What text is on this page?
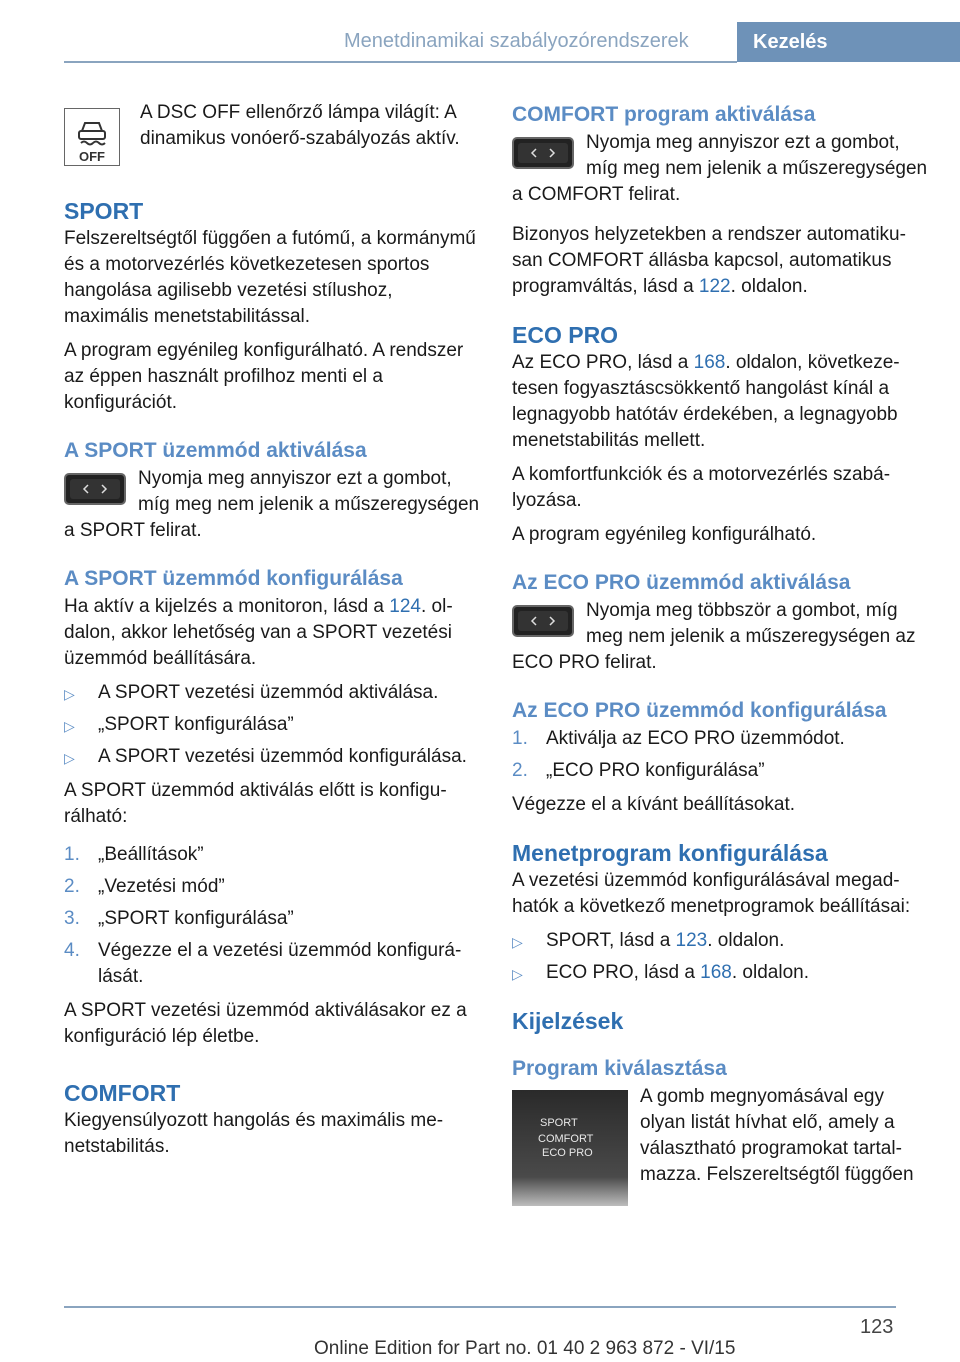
Menetdinamikai szabályozórendszerek	Kezelés
OFF

A DSC OFF ellenőrző lámpa világít: A dinamikus vonóerő-szabályozás aktív.

SPORT

Felszereltségtől függően a futómű, a kormánymű és a motorvezérlés következetesen sportos hangolása agilisebb vezetési stílushoz, maximális menetstabilitással.

A program egyénileg konfigurálható. A rendszer az éppen használt profilhoz menti el a konfigurációt.

A SPORT üzemmód aktiválása

Nyomja meg annyiszor ezt a gombot, míg meg nem jelenik a műszeregységen a SPORT felirat.

A SPORT üzemmód konfigurálása

Ha aktív a kijelzés a monitoron, lásd a 124. oldalon, akkor lehetőség van a SPORT vezetési üzemmód beállítására.

▷ A SPORT vezetési üzemmód aktiválása.
▷ „SPORT konfigurálása”
▷ A SPORT vezetési üzemmód konfigurálása.

A SPORT üzemmód aktiválás előtt is konfigurálható:

1. „Beállítások”
2. „Vezetési mód”
3. „SPORT konfigurálása”
4. Végezze el a vezetési üzemmód konfigurálását.

A SPORT vezetési üzemmód aktiválásakor ez a konfiguráció lép életbe.

COMFORT

Kiegyensúlyozott hangolás és maximális menetstabilitás.

COMFORT program aktiválása

Nyomja meg annyiszor ezt a gombot, míg meg nem jelenik a műszeregységen a COMFORT felirat.

Bizonyos helyzetekben a rendszer automatikusan COMFORT állásba kapcsol, automatikus programváltás, lásd a 122. oldalon.

ECO PRO

Az ECO PRO, lásd a 168. oldalon, következetesen fogyasztáscsökkentő hangolást kínál a legnagyobb hatótáv érdekében, a legnagyobb menetstabilitás mellett.

A komfortfunkciók és a motorvezérlés szabályozása.

A program egyénileg konfigurálható.

Az ECO PRO üzemmód aktiválása

Nyomja meg többször a gombot, míg meg nem jelenik a műszeregységen az ECO PRO felirat.

Az ECO PRO üzemmód konfigurálása
1. Aktiválja az ECO PRO üzemmódot.
2. „ECO PRO konfigurálása”

Végezze el a kívánt beállításokat.

Menetprogram konfigurálása

A vezetési üzemmód konfigurálásával megadhatók a következő menetprogramok beállításai:

▷ SPORT, lásd a 123. oldalon.
▷ ECO PRO, lásd a 168. oldalon.
Kijelzések
Program kiválasztása

SPORT
COMFORT
ECO PRO
A gomb megnyomásával egy olyan listát hívhat elő, amely a választható programokat tartalmazza. Felszereltségtől függően

123
Online Edition for Part no. 01 40 2 963 872 - VI/15
